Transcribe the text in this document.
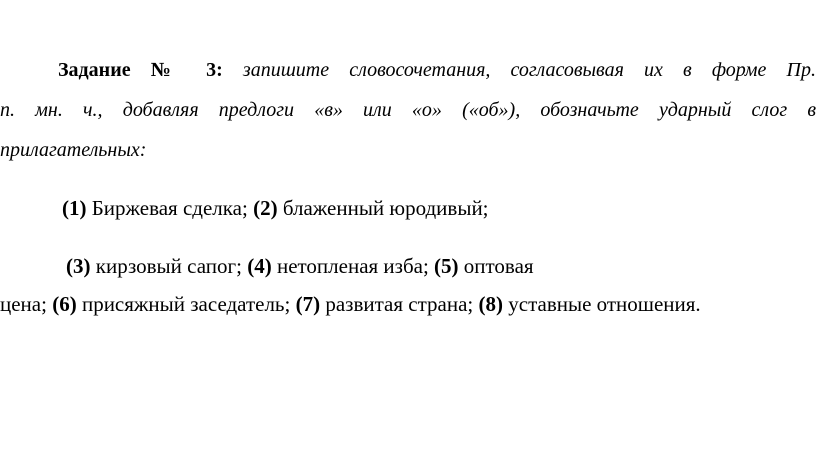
Задание № 3: запишите словосочетания, согласовывая их в форме Пр.
п. мн. ч., добавляя предлоги «в» или «о» («об»), обозначьте ударный слог в
прилагательных:
(1) Биржевая сделка; (2) блаженный юродивый;
(3) кирзовый сапог; (4) нетопленая изба; (5) оптовая
цена; (6) присяжный заседатель; (7) развитая страна; (8) уставные отношения.
